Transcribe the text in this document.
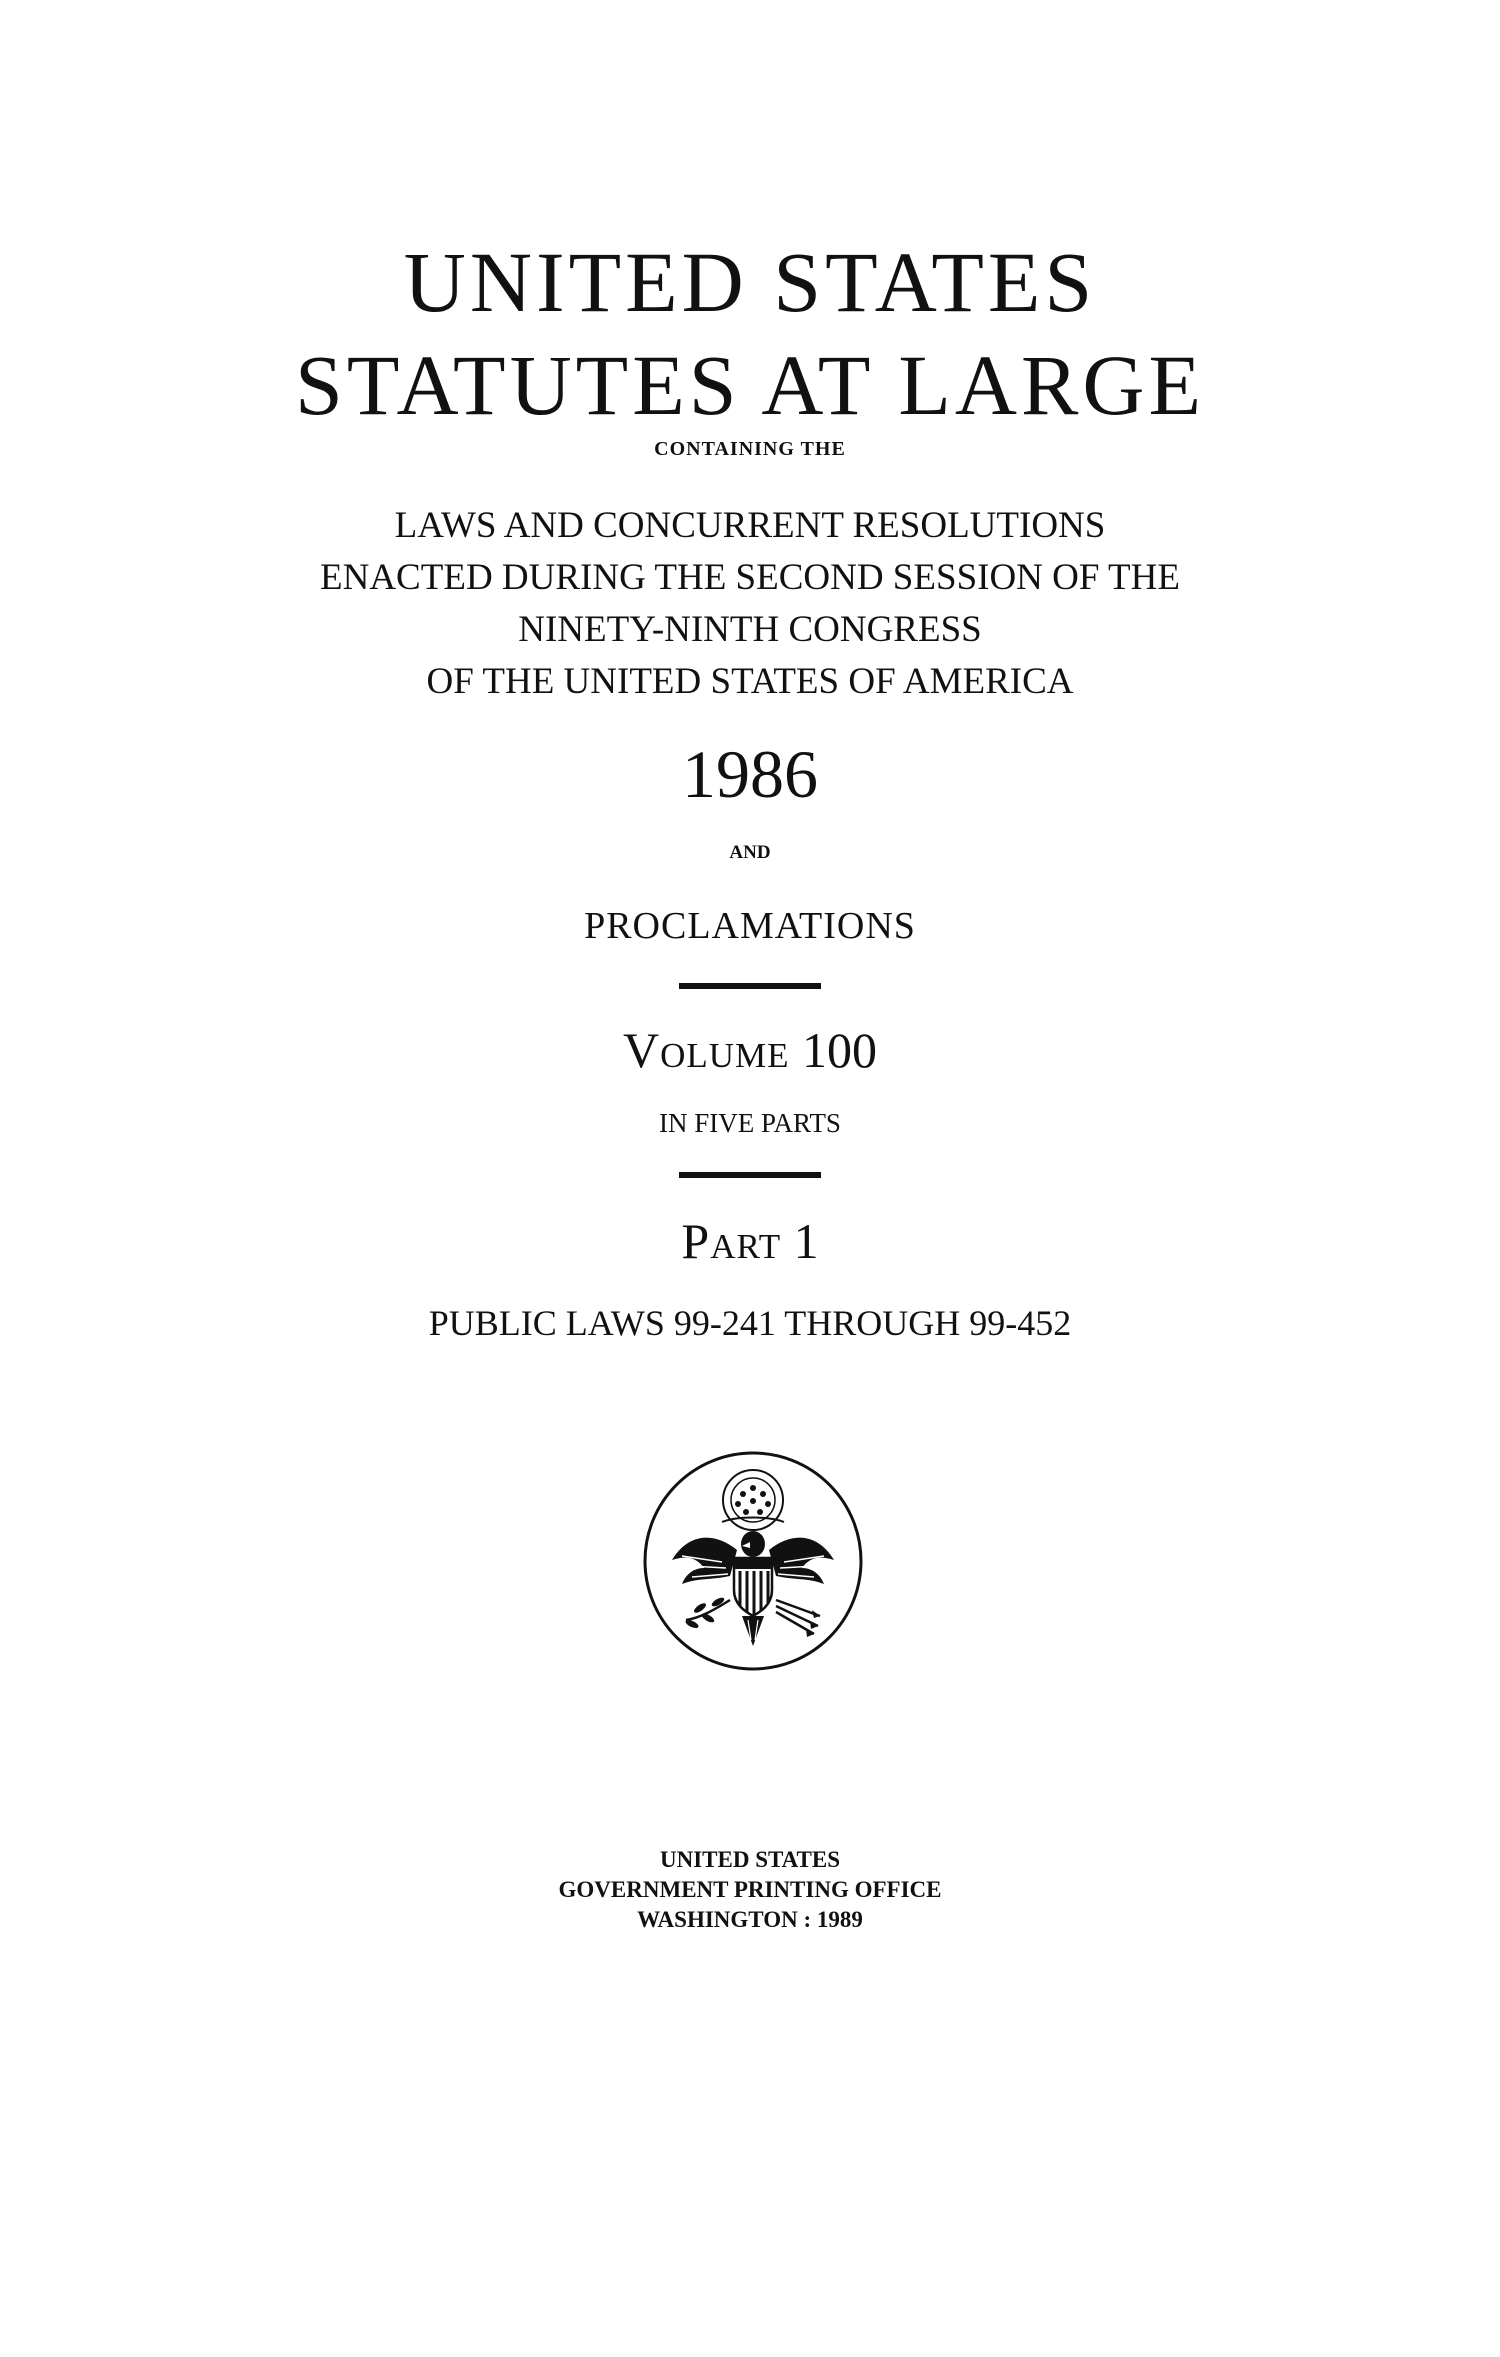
UNITED STATES
STATUTES AT LARGE
CONTAINING THE
LAWS AND CONCURRENT RESOLUTIONS
ENACTED DURING THE SECOND SESSION OF THE
NINETY-NINTH CONGRESS
OF THE UNITED STATES OF AMERICA
1986
AND
PROCLAMATIONS
Volume 100
IN FIVE PARTS
Part 1
PUBLIC LAWS 99-241 THROUGH 99-452
UNITED STATES
GOVERNMENT PRINTING OFFICE
WASHINGTON : 1989
